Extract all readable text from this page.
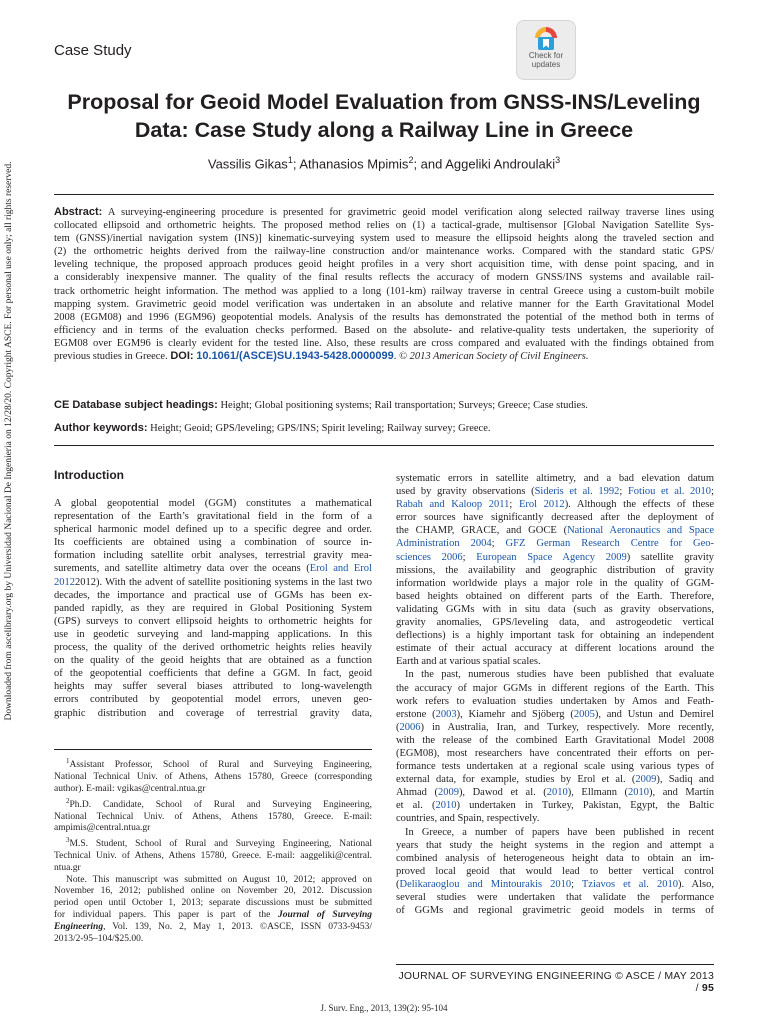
Case Study	Check for
updates
Proposal for Geoid Model Evaluation from GNSS-INS/Leveling
Data: Case Study along a Railway Line in Greece
Vassilis Gikas$^1$; Athanasios Mpimis$^2$; and Aggeliki Androulaki$^3$
Abstract: A surveying-engineering procedure is presented for gravimetric geoid model verification along selected railway traverse lines using
collocated ellipsoid and orthometric heights. The proposed method relies on (1) a tactical-grade, multisensor [Global Navigation Satellite Sys-
tem (GNSS)/inertial navigation system (INS)] kinematic-surveying system used to measure the ellipsoid heights along the traveled section and
(2) the orthometric heights derived from the railway-line construction and/or maintenance works. Compared with the standard static GPS/
leveling technique, the proposed approach produces geoid height profiles in a very short acquisition time, with dense point spacing, and in
a considerably inexpensive manner. The quality of the final results reflects the accuracy of modern GNSS/INS systems and available rail-
track orthometric height information. The method was applied to a long (101-km) railway traverse in central Greece using a custom-built mobile
mapping system. Gravimetric geoid model verification was undertaken in an absolute and relative manner for the Earth Gravitational Model
2008 (EGM08) and 1996 (EGM96) geopotential models. Analysis of the results has demonstrated the potential of the method both in terms of
efficiency and in terms of the evaluation checks performed. Based on the absolute- and relative-quality tests undertaken, the superiority of
EGM08 over EGM96 is clearly evident for the tested line. Also, these results are cross compared and evaluated with the findings obtained from
previous studies in Greece. DOI: 10.1061/(ASCE)SU.1943-5428.0000099. © 2013 American Society of Civil Engineers.
CE Database subject headings: Height; Global positioning systems; Rail transportation; Surveys; Greece; Case studies.
Author keywords: Height; Geoid; GPS/leveling; GPS/INS; Spirit leveling; Railway survey; Greece.
Downloaded from ascelibrary.org by Universidad Nacional De Ingenieria on 12/28/20. Copyright ASCE. For personal use only; all rights reserved.	Introduction
A global geopotential model (GGM) constitutes a mathematical
representation of the Earth’s gravitational field in the form of a
spherical harmonic model defined up to a specific degree and order.
Its coefficients are obtained using a combination of source in-
formation including satellite orbit analyses, terrestrial gravity mea-
surements, and satellite altimetry data over the oceans (Erol and Erol
20122012). With the advent of satellite positioning systems in the last two
decades, the importance and practical use of GGMs has been ex-
panded rapidly, as they are required in Global Positioning System
(GPS) surveys to convert ellipsoid heights to orthometric heights for
use in geodetic surveying and land-mapping applications. In this
process, the quality of the derived orthometric heights relies heavily
on the quality of the geoid heights that are obtained as a function
of the geopotential coefficients that define a GGM. In fact, geoid
heights may suffer several biases attributed to long-wavelength
errors contributed by geopotential model errors, uneven geo-
graphic distribution and coverage of terrestrial gravity data,
$^1$Assistant Professor, School of Rural and Surveying Engineering,
National Technical Univ. of Athens, Athens 15780, Greece (corresponding
author). E-mail: vgikas@central.ntua.gr
$^2$Ph.D. Candidate, School of Rural and Surveying Engineering,
National Technical Univ. of Athens, Athens 15780, Greece. E-mail:
ampimis@central.ntua.gr
$^3$M.S. Student, School of Rural and Surveying Engineering, National
Technical Univ. of Athens, Athens 15780, Greece. E-mail: aaggeliki@central.
ntua.gr
Note. This manuscript was submitted on August 10, 2012; approved on
November 16, 2012; published online on November 20, 2012. Discussion
period open until October 1, 2013; separate discussions must be submitted
for individual papers. This paper is part of the Journal of Surveying
Engineering, Vol. 139, No. 2, May 1, 2013. ©ASCE, ISSN 0733-9453/
2013/2-95–104/$25.00.
systematic errors in satellite altimetry, and a bad elevation datum
used by gravity observations (Sideris et al. 1992; Fotiou et al. 2010;
Rabah and Kaloop 2011; Erol 2012). Although the effects of these
error sources have significantly decreased after the deployment of
the CHAMP, GRACE, and GOCE (National Aeronautics and Space
Administration 2004; GFZ German Research Centre for Geo-
sciences 2006; European Space Agency 2009) satellite gravity
missions, the availability and geographic distribution of gravity
information worldwide plays a major role in the quality of GGM-
based heights obtained on different parts of the Earth. Therefore,
validating GGMs with in situ data (such as gravity observations,
gravity anomalies, GPS/leveling data, and astrogeodetic vertical
deflections) is a highly important task for obtaining an independent
estimate of their actual accuracy at different locations around the
Earth and at various spatial scales.
In the past, numerous studies have been published that evaluate
the accuracy of major GGMs in different regions of the Earth. This
work refers to evaluation studies undertaken by Amos and Feath-
erstone (2003), Kiamehr and Sjöberg (2005), and Ustun and Demirel
(2006) in Australia, Iran, and Turkey, respectively. More recently,
with the release of the combined Earth Gravitational Model 2008
(EGM08), most researchers have concentrated their efforts on per-
formance tests undertaken at a regional scale using various types of
external data, for example, studies by Erol et al. (2009), Sadiq and
Ahmad (2009), Dawod et al. (2010), Ellmann (2010), and Martín
et al. (2010) undertaken in Turkey, Pakistan, Egypt, the Baltic
countries, and Spain, respectively.
In Greece, a number of papers have been published in recent
years that study the height systems in the region and attempt a
combined analysis of heterogeneous height data to obtain an im-
proved local geoid that would lead to better vertical control
(Delikaraoglou and Mintourakis 2010; Tziavos et al. 2010). Also,
several studies were undertaken that validate the performance
of GGMs and regional gravimetric geoid models in terms of
JOURNAL OF SURVEYING ENGINEERING © ASCE / MAY 2013 / 95
J. Surv. Eng., 2013, 139(2): 95-104
